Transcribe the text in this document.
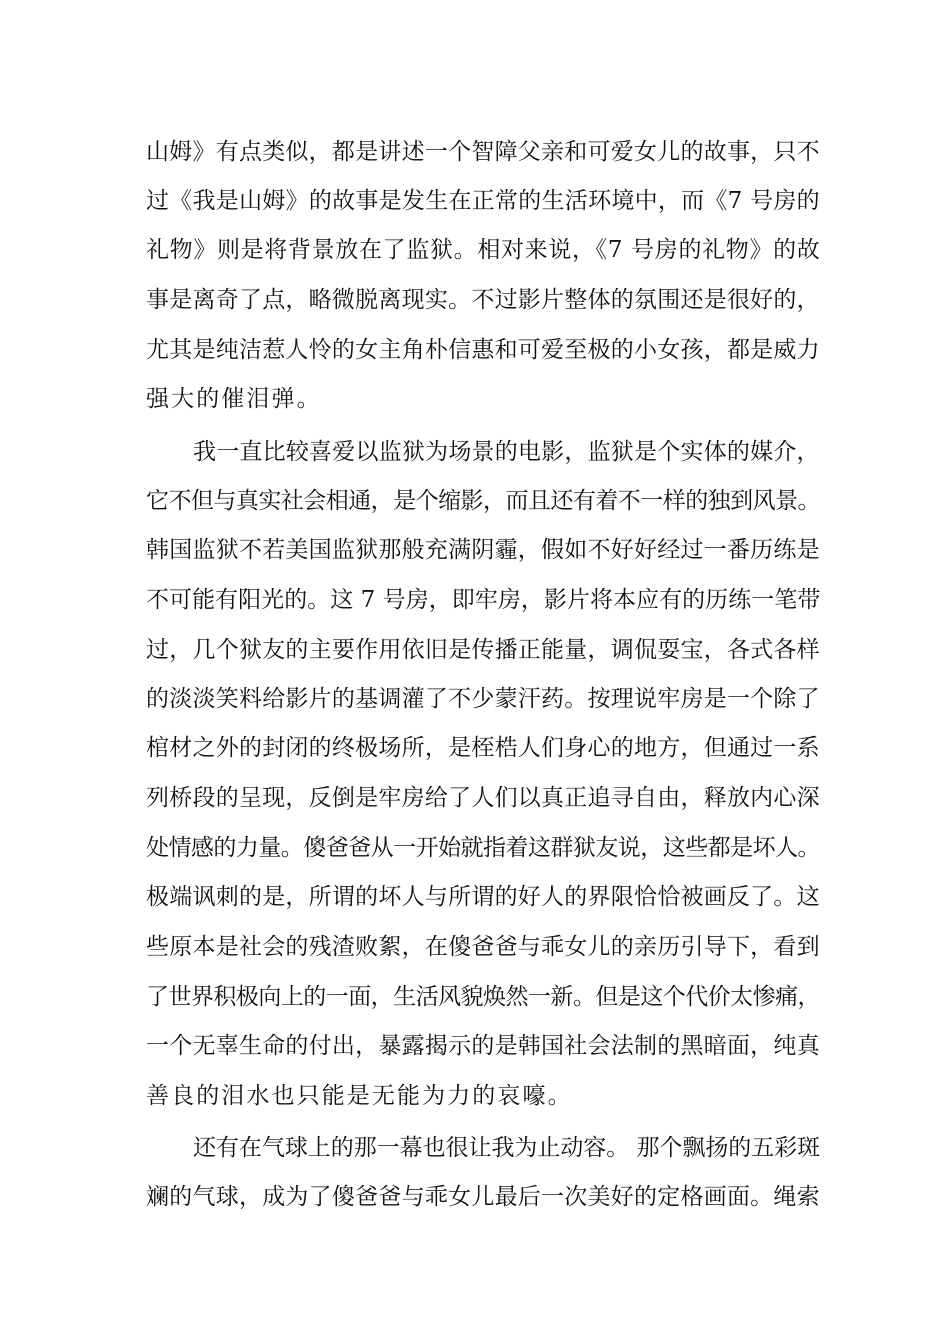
山姆》有点类似，都是讲述一个智障父亲和可爱女儿的故事，只不
过《我是山姆》的故事是发生在正常的生活环境中，而《7 号房的
礼物》则是将背景放在了监狱。相对来说，《7 号房的礼物》的故
事是离奇了点，略微脱离现实。不过影片整体的氛围还是很好的，
尤其是纯洁惹人怜的女主角朴信惠和可爱至极的小女孩，都是威力
强大的催泪弹。
我一直比较喜爱以监狱为场景的电影，监狱是个实体的媒介，
它不但与真实社会相通，是个缩影，而且还有着不一样的独到风景。
韩国监狱不若美国监狱那般充满阴霾，假如不好好经过一番历练是
不可能有阳光的。这 7 号房，即牢房，影片将本应有的历练一笔带
过，几个狱友的主要作用依旧是传播正能量，调侃耍宝，各式各样
的淡淡笑料给影片的基调灌了不少蒙汗药。按理说牢房是一个除了
棺材之外的封闭的终极场所，是桎梏人们身心的地方，但通过一系
列桥段的呈现，反倒是牢房给了人们以真正追寻自由，释放内心深
处情感的力量。傻爸爸从一开始就指着这群狱友说，这些都是坏人。
极端讽刺的是，所谓的坏人与所谓的好人的界限恰恰被画反了。这
些原本是社会的残渣败絮，在傻爸爸与乖女儿的亲历引导下，看到
了世界积极向上的一面，生活风貌焕然一新。但是这个代价太惨痛，
一个无辜生命的付出，暴露揭示的是韩国社会法制的黑暗面，纯真
善良的泪水也只能是无能为力的哀嚎。
还有在气球上的那一幕也很让我为止动容。 那个飘扬的五彩斑
斓的气球，成为了傻爸爸与乖女儿最后一次美好的定格画面。绳索
